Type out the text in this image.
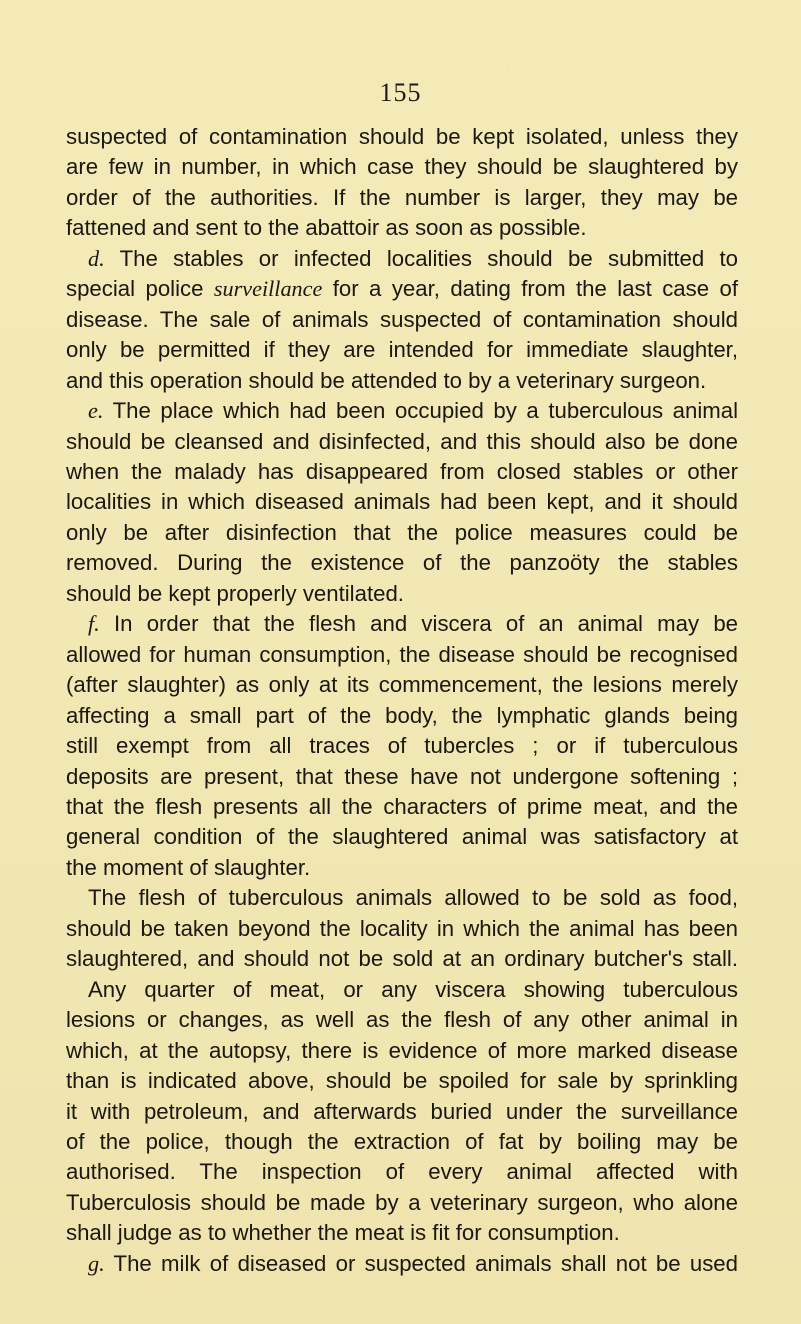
155
suspected of contamination should be kept isolated, unless they
are few in number, in which case they should be slaughtered by
order of the authorities. If the number is larger, they may be
fattened and sent to the abattoir as soon as possible.
d. The stables or infected localities should be submitted to
special police surveillance for a year, dating from the last case of
disease. The sale of animals suspected of contamination should
only be permitted if they are intended for immediate slaughter,
and this operation should be attended to by a veterinary surgeon.
e. The place which had been occupied by a tuberculous animal
should be cleansed and disinfected, and this should also be done
when the malady has disappeared from closed stables or other
localities in which diseased animals had been kept, and it should
only be after disinfection that the police measures could be
removed. During the existence of the panzoöty the stables
should be kept properly ventilated.
f. In order that the flesh and viscera of an animal may be
allowed for human consumption, the disease should be recognised
(after slaughter) as only at its commencement, the lesions merely
affecting a small part of the body, the lymphatic glands being
still exempt from all traces of tubercles ; or if tuberculous
deposits are present, that these have not undergone softening ;
that the flesh presents all the characters of prime meat, and the
general condition of the slaughtered animal was satisfactory at
the moment of slaughter.
The flesh of tuberculous animals allowed to be sold as food,
should be taken beyond the locality in which the animal has been
slaughtered, and should not be sold at an ordinary butcher's stall.
Any quarter of meat, or any viscera showing tuberculous
lesions or changes, as well as the flesh of any other animal in
which, at the autopsy, there is evidence of more marked disease
than is indicated above, should be spoiled for sale by sprinkling
it with petroleum, and afterwards buried under the surveillance
of the police, though the extraction of fat by boiling may be
authorised. The inspection of every animal affected with
Tuberculosis should be made by a veterinary surgeon, who alone
shall judge as to whether the meat is fit for consumption.
g. The milk of diseased or suspected animals shall not be used
